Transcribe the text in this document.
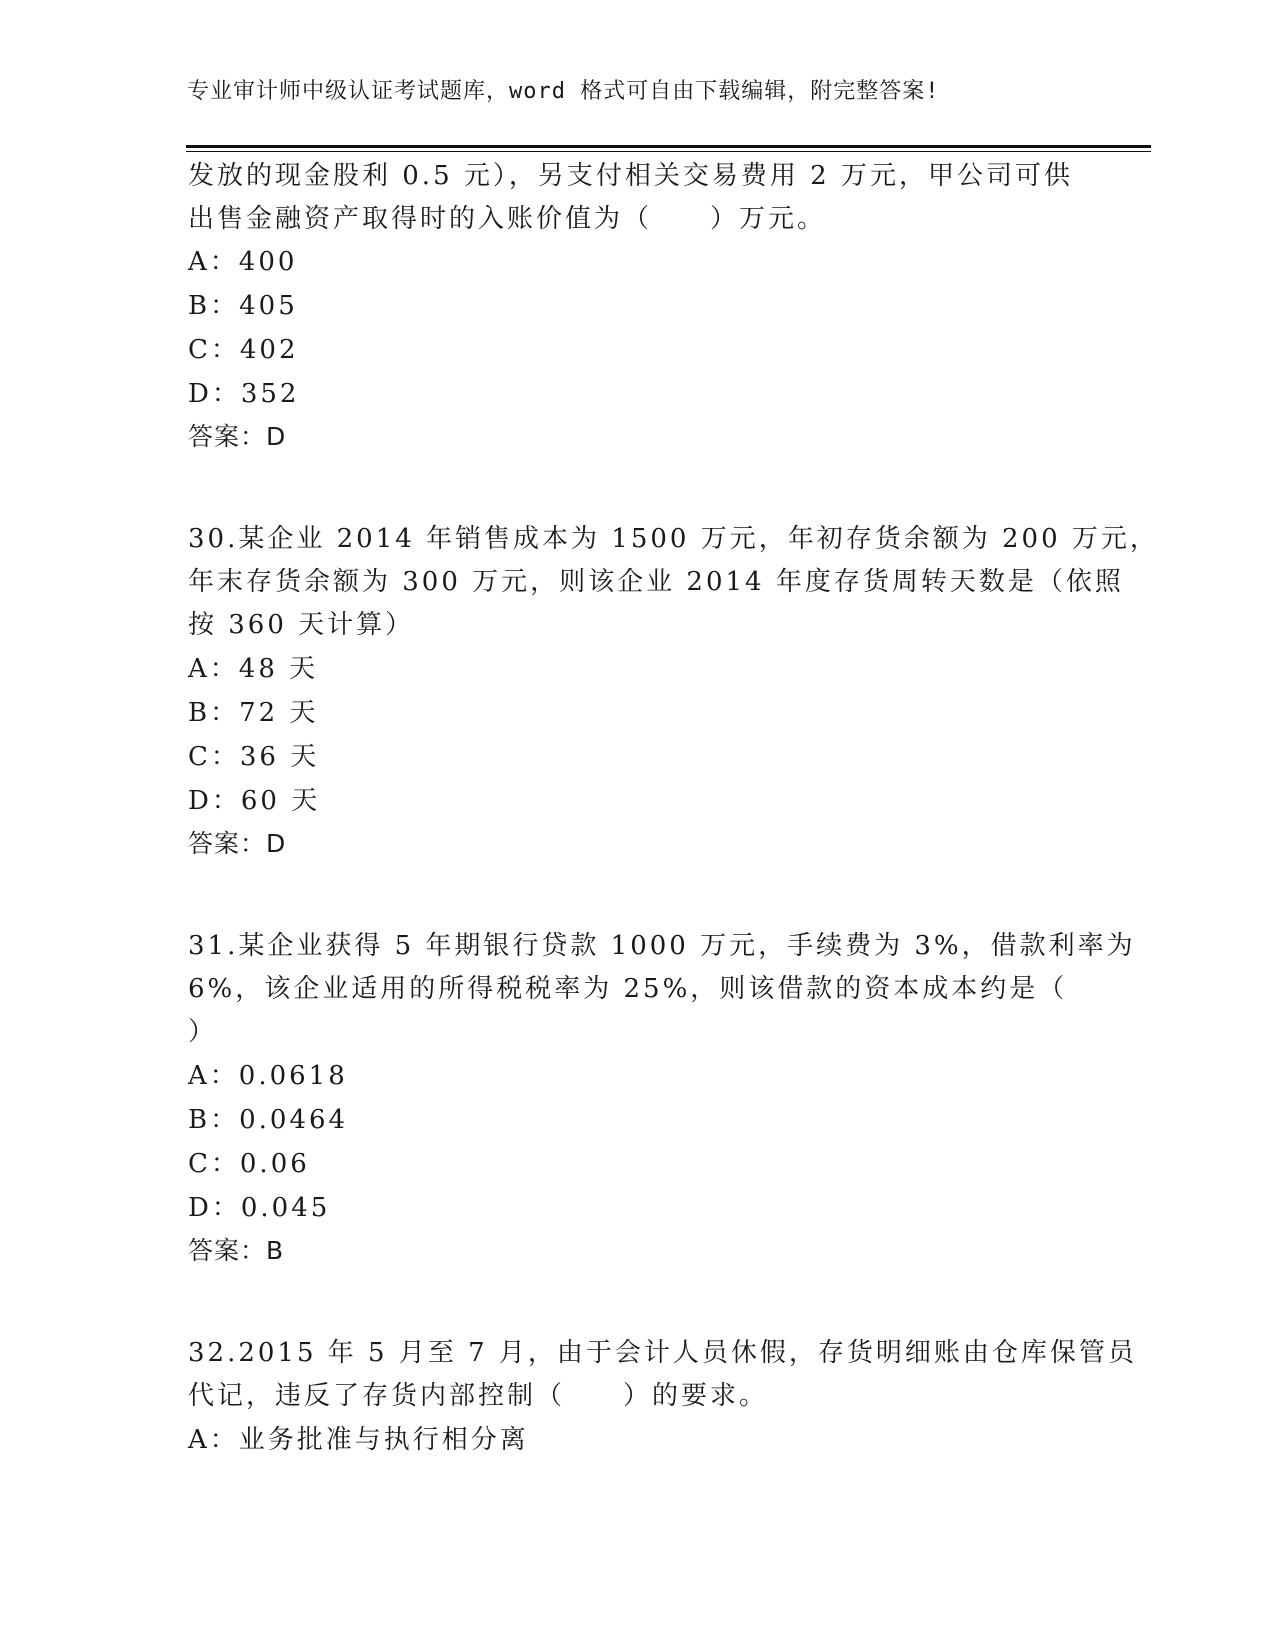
专业审计师中级认证考试题库，word 格式可自由下载编辑，附完整答案!
发放的现金股利 0.5 元），另支付相关交易费用 2 万元，甲公司可供
出售金融资产取得时的入账价值为（　　）万元。
A：400
B：405
C：402
D：352
答案：D
30.某企业 2014 年销售成本为 1500 万元，年初存货余额为 200 万元，
年末存货余额为 300 万元，则该企业 2014 年度存货周转天数是（依照
按 360 天计算）
A：48 天
B：72 天
C：36 天
D：60 天
答案：D
31.某企业获得 5 年期银行贷款 1000 万元，手续费为 3%，借款利率为
6%，该企业适用的所得税税率为 25%，则该借款的资本成本约是（
）
A：0.0618
B：0.0464
C：0.06
D：0.045
答案：B
32.2015 年 5 月至 7 月，由于会计人员休假，存货明细账由仓库保管员
代记，违反了存货内部控制（　　）的要求。
A：业务批准与执行相分离
